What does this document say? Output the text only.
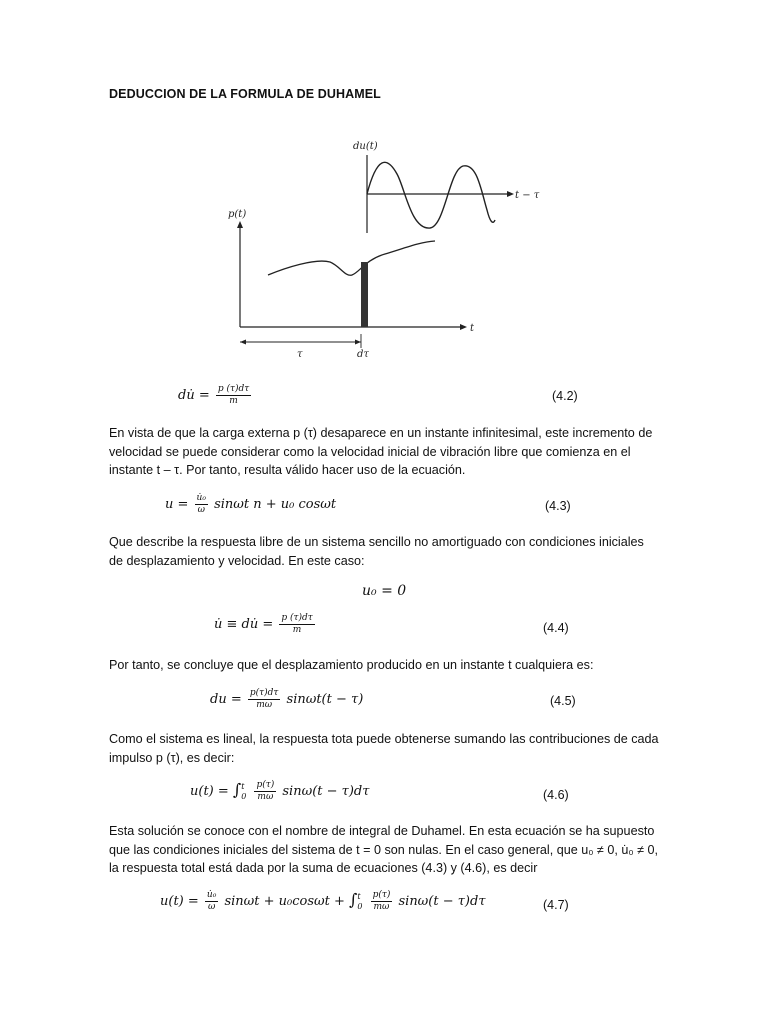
DEDUCCION DE LA FORMULA DE DUHAMEL
du(t)
t − τ
p(t)
t
τ	dτ
du̇ = $\frac{p (\tau)d\tau}{m}$	(4.2)
En vista de que la carga externa p (τ) desaparece en un instante infinitesimal, este incremento de velocidad se puede considerar como la velocidad inicial de vibración libre que comienza en el instante t – τ. Por tanto, resulta válido hacer uso de la ecuación.
$u = \frac{\text{u̇₀}}{\omega}$ sinωt n + u₀ cosωt	(4.3)
Que describe la respuesta libre de un sistema sencillo no amortiguado con condiciones iniciales de desplazamiento y velocidad. En este caso:
u₀ = 0
u̇ ≡ du̇ = $\frac{p (\tau)d\tau}{m}$	(4.4)
Por tanto, se concluye que el desplazamiento producido en un instante t cualquiera es:
du = $\frac{p(\tau)d\tau}{m\omega} \sin\omega t(t - \tau)$	(4.5)
Como el sistema es lineal, la respuesta tota puede obtenerse sumando las contribuciones de cada impulso p (τ), es decir:
u(t) = ∫ t
0
$\frac{p(\tau)}{m\omega} \sin\omega(t - \tau)d\tau$	(4.6)
Esta solución se conoce con el nombre de integral de Duhamel. En esta ecuación se ha supuesto que las condiciones iniciales del sistema de t = 0 son nulas. En el caso general, que u₀ ≠ 0, u̇₀ ≠ 0, la respuesta total está dada por la suma de ecuaciones (4.3) y (4.6), es decir
$u(t) = \frac{\text{u̇₀}}{\omega}$ sinωt + u₀cosωt + ∫ t
0
$\frac{p(\tau)}{m\omega} \sin\omega(t - \tau)d\tau$	(4.7)
